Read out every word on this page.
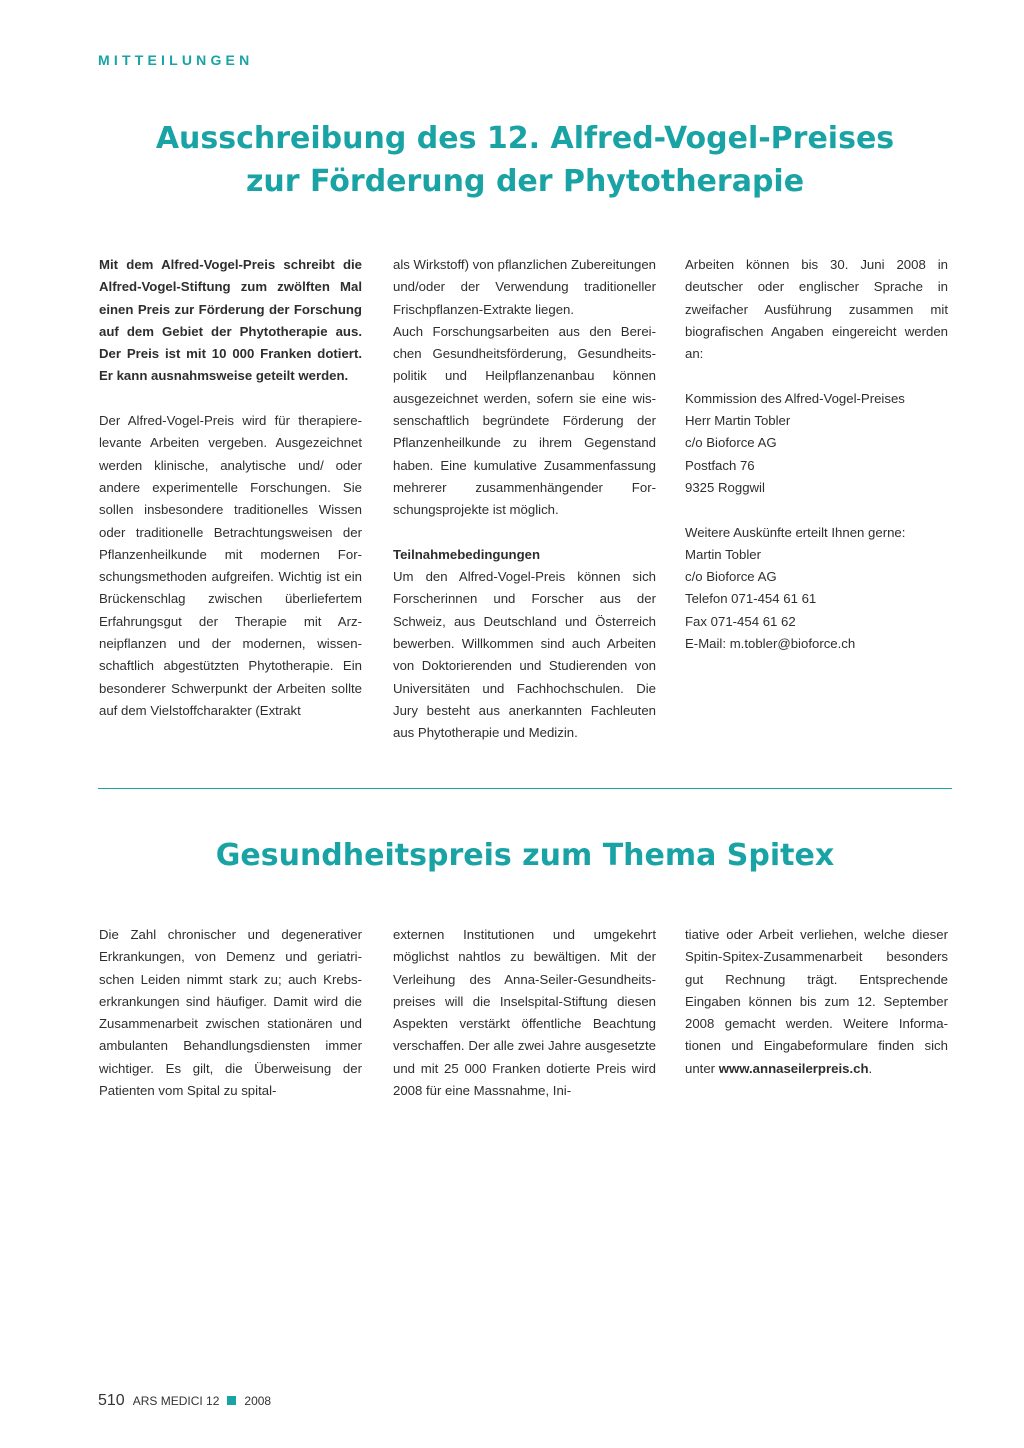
MITTEILUNGEN
Ausschreibung des 12. Alfred-Vogel-Preises
zur Förderung der Phytotherapie

Mit dem Alfred-Vogel-Preis schreibt die Alfred-Vogel-Stiftung zum zwölften Mal einen Preis zur Förderung der Forschung auf dem Gebiet der Phytotherapie aus. Der Preis ist mit 10 000 Franken dotiert. Er kann ausnahmsweise geteilt werden.

Der Alfred-Vogel-Preis wird für therapierelevante Arbeiten vergeben. Ausgezeichnet werden klinische, analytische und/ oder andere experimentelle Forschungen. Sie sollen insbesondere traditionelles Wissen oder traditionelle Betrachtungsweisen der Pflanzenheilkunde mit modernen Forschungsmethoden aufgreifen. Wichtig ist ein Brückenschlag zwischen überliefertem Erfahrungsgut der Therapie mit Arzneipflanzen und der modernen, wissenschaftlich abgestützten Phytotherapie. Ein besonderer Schwerpunkt der Arbeiten sollte auf dem Vielstoffcharakter (Extrakt

als Wirkstoff) von pflanzlichen Zubereitungen und/oder der Verwendung traditioneller Frischpflanzen-Extrakte liegen.

Auch Forschungsarbeiten aus den Bereichen Gesundheitsförderung, Gesundheitspolitik und Heilpflanzenanbau können ausgezeichnet werden, sofern sie eine wissenschaftlich begründete Förderung der Pflanzenheilkunde zu ihrem Gegenstand haben. Eine kumulative Zusammenfassung mehrerer zusammenhängender Forschungsprojekte ist möglich.

Teilnahmebedingungen

Um den Alfred-Vogel-Preis können sich Forscherinnen und Forscher aus der Schweiz, aus Deutschland und Österreich bewerben. Willkommen sind auch Arbeiten von Doktorierenden und Studierenden von Universitäten und Fachhochschulen. Die Jury besteht aus anerkannten Fachleuten aus Phytotherapie und Medizin.

Arbeiten können bis 30. Juni 2008 in deutscher oder englischer Sprache in zweifacher Ausführung zusammen mit biografischen Angaben eingereicht werden an:

Kommission des Alfred-Vogel-Preises

Herr Martin Tobler

c/o Bioforce AG

Postfach 76

9325 Roggwil

Weitere Auskünfte erteilt Ihnen gerne:

Martin Tobler

c/o Bioforce AG

Telefon 071-454 61 61

Fax 071-454 61 62

E-Mail: m.tobler@bioforce.ch

Gesundheitspreis zum Thema Spitex

Die Zahl chronischer und degenerativer Erkrankungen, von Demenz und geriatrischen Leiden nimmt stark zu; auch Krebserkrankungen sind häufiger. Damit wird die Zusammenarbeit zwischen stationären und ambulanten Behandlungsdiensten immer wichtiger. Es gilt, die Überweisung der Patienten vom Spital zu spital-

externen Institutionen und umgekehrt möglichst nahtlos zu bewältigen. Mit der Verleihung des Anna-Seiler-Gesundheitspreises will die Inselspital-Stiftung diesen Aspekten verstärkt öffentliche Beachtung verschaffen. Der alle zwei Jahre ausgesetzte und mit 25 000 Franken dotierte Preis wird 2008 für eine Massnahme, Ini-

tiative oder Arbeit verliehen, welche dieser Spitin-Spitex-Zusammenarbeit besonders gut Rechnung trägt. Entsprechende Eingaben können bis zum 12. September 2008 gemacht werden. Weitere Informationen und Eingabeformulare finden sich unter www.annaseilerpreis.ch.

510 ARS MEDICI 12 2008
